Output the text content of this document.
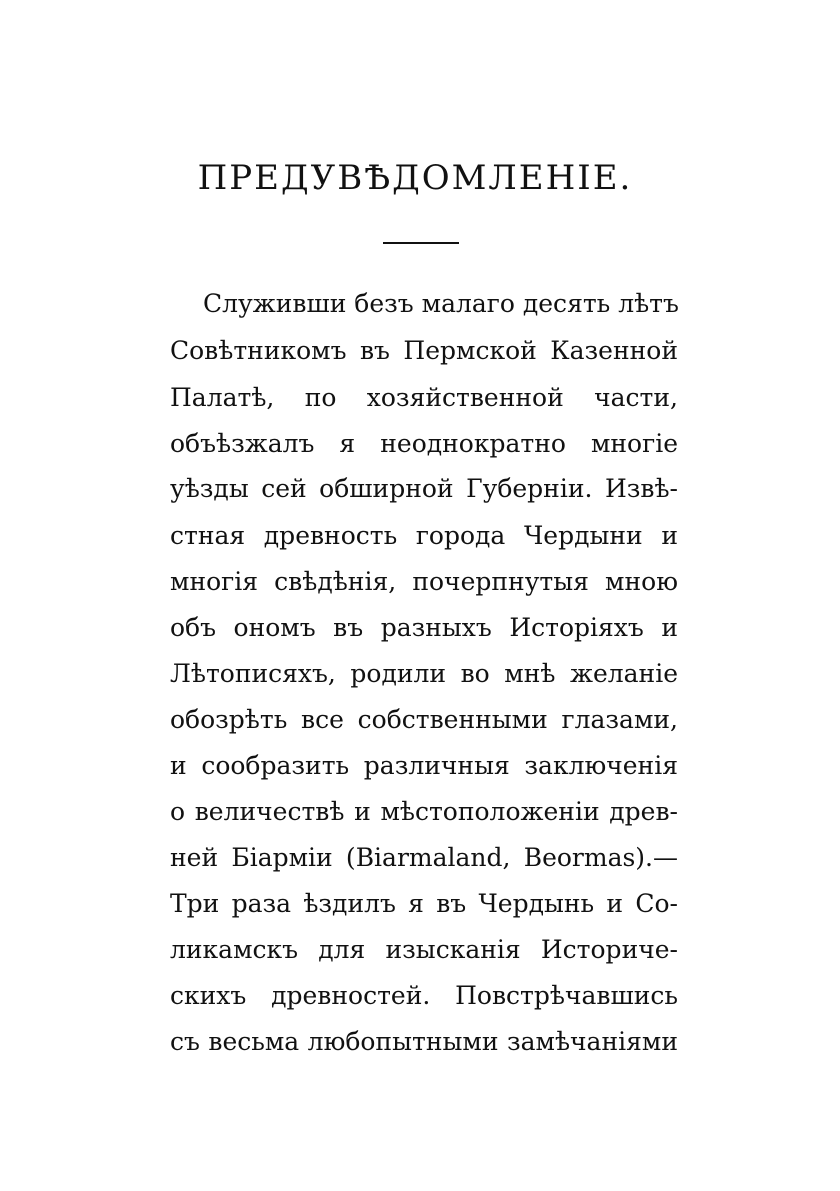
ПРЕДУВѢДОМЛЕНІЕ.
Служивши безъ малаго десять лѣтъ
Совѣтникомъ въ Пермской Казенной
Палатѣ, по хозяйственной части,
объѣзжалъ я неоднократно многіе
уѣзды сей обширной Губерніи. Извѣ-
стная древность города Чердыни и
многія свѣдѣнія, почерпнутыя мною
объ ономъ въ разныхъ Исторіяхъ и
Лѣтописяхъ, родили во мнѣ желаніе
обозрѣть все собственными глазами,
и сообразить различныя заключенія
о величествѣ и мѣстоположеніи древ-
ней Біарміи (Biarmaland, Beormas).—
Три раза ѣздилъ я въ Чердынь и Со-
ликамскъ для изысканія Историче-
скихъ древностей. Повстрѣчавшись
съ весьма любопытными замѣчаніями
